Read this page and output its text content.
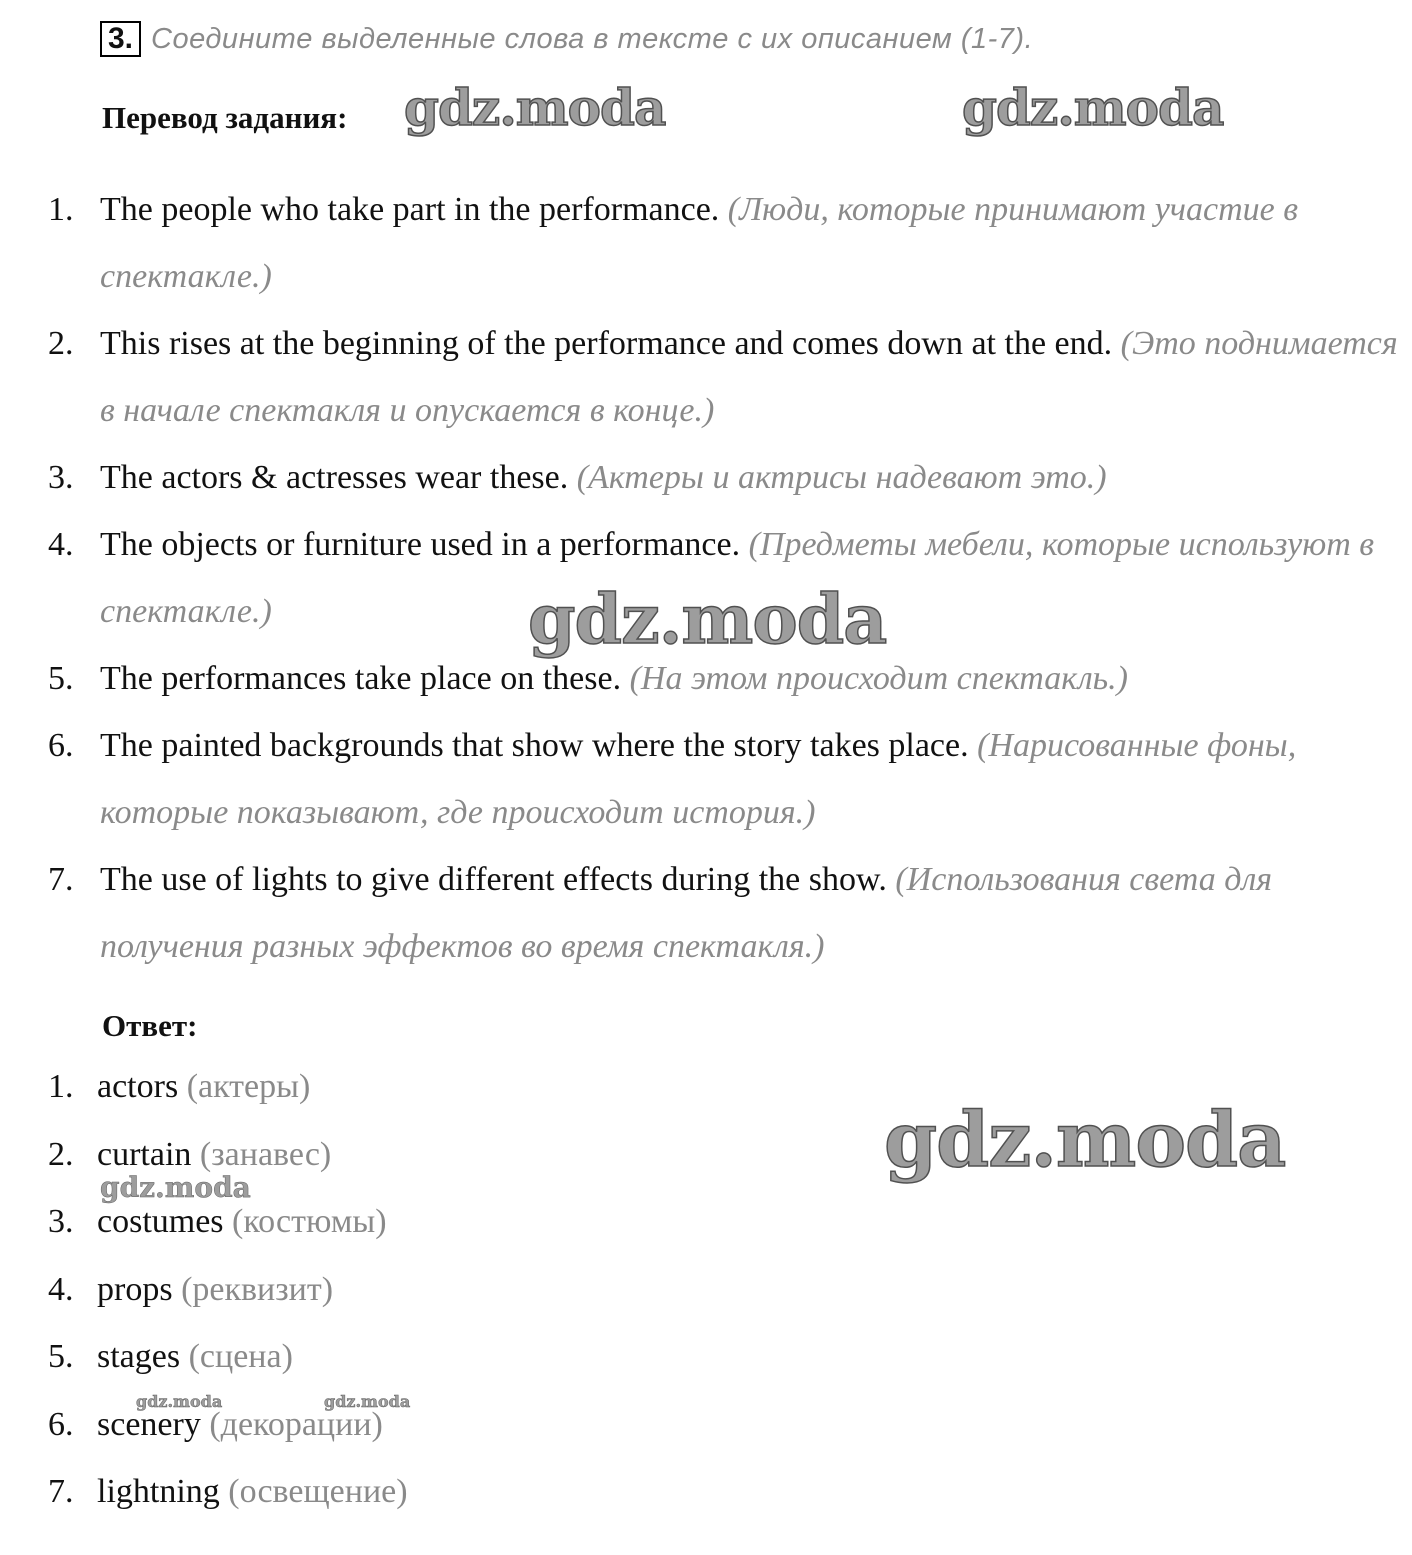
3. Соедините выделенные слова в тексте с их описанием (1-7).
Перевод задания:
1. The people who take part in the performance. (Люди, которые принимают участие в спектакле.)
2. This rises at the beginning of the performance and comes down at the end. (Это поднимается в начале спектакля и опускается в конце.)
3. The actors & actresses wear these. (Актеры и актрисы надевают это.)
4. The objects or furniture used in a performance. (Предметы мебели, которые используют в спектакле.)
5. The performances take place on these. (На этом происходит спектакль.)
6. The painted backgrounds that show where the story takes place. (Нарисованные фоны, которые показывают, где происходит история.)
7. The use of lights to give different effects during the show. (Использования света для получения разных эффектов во время спектакля.)
Ответ:
1. actors (актеры)
2. curtain (занавес)
3. costumes (костюмы)
4. props (реквизит)
5. stages (сцена)
6. scenery (декорации)
7. lightning (освещение)
gdz.moda	gdz.moda
gdz.moda
gdz.moda
gdz.moda
gdz.moda	gdz.moda
